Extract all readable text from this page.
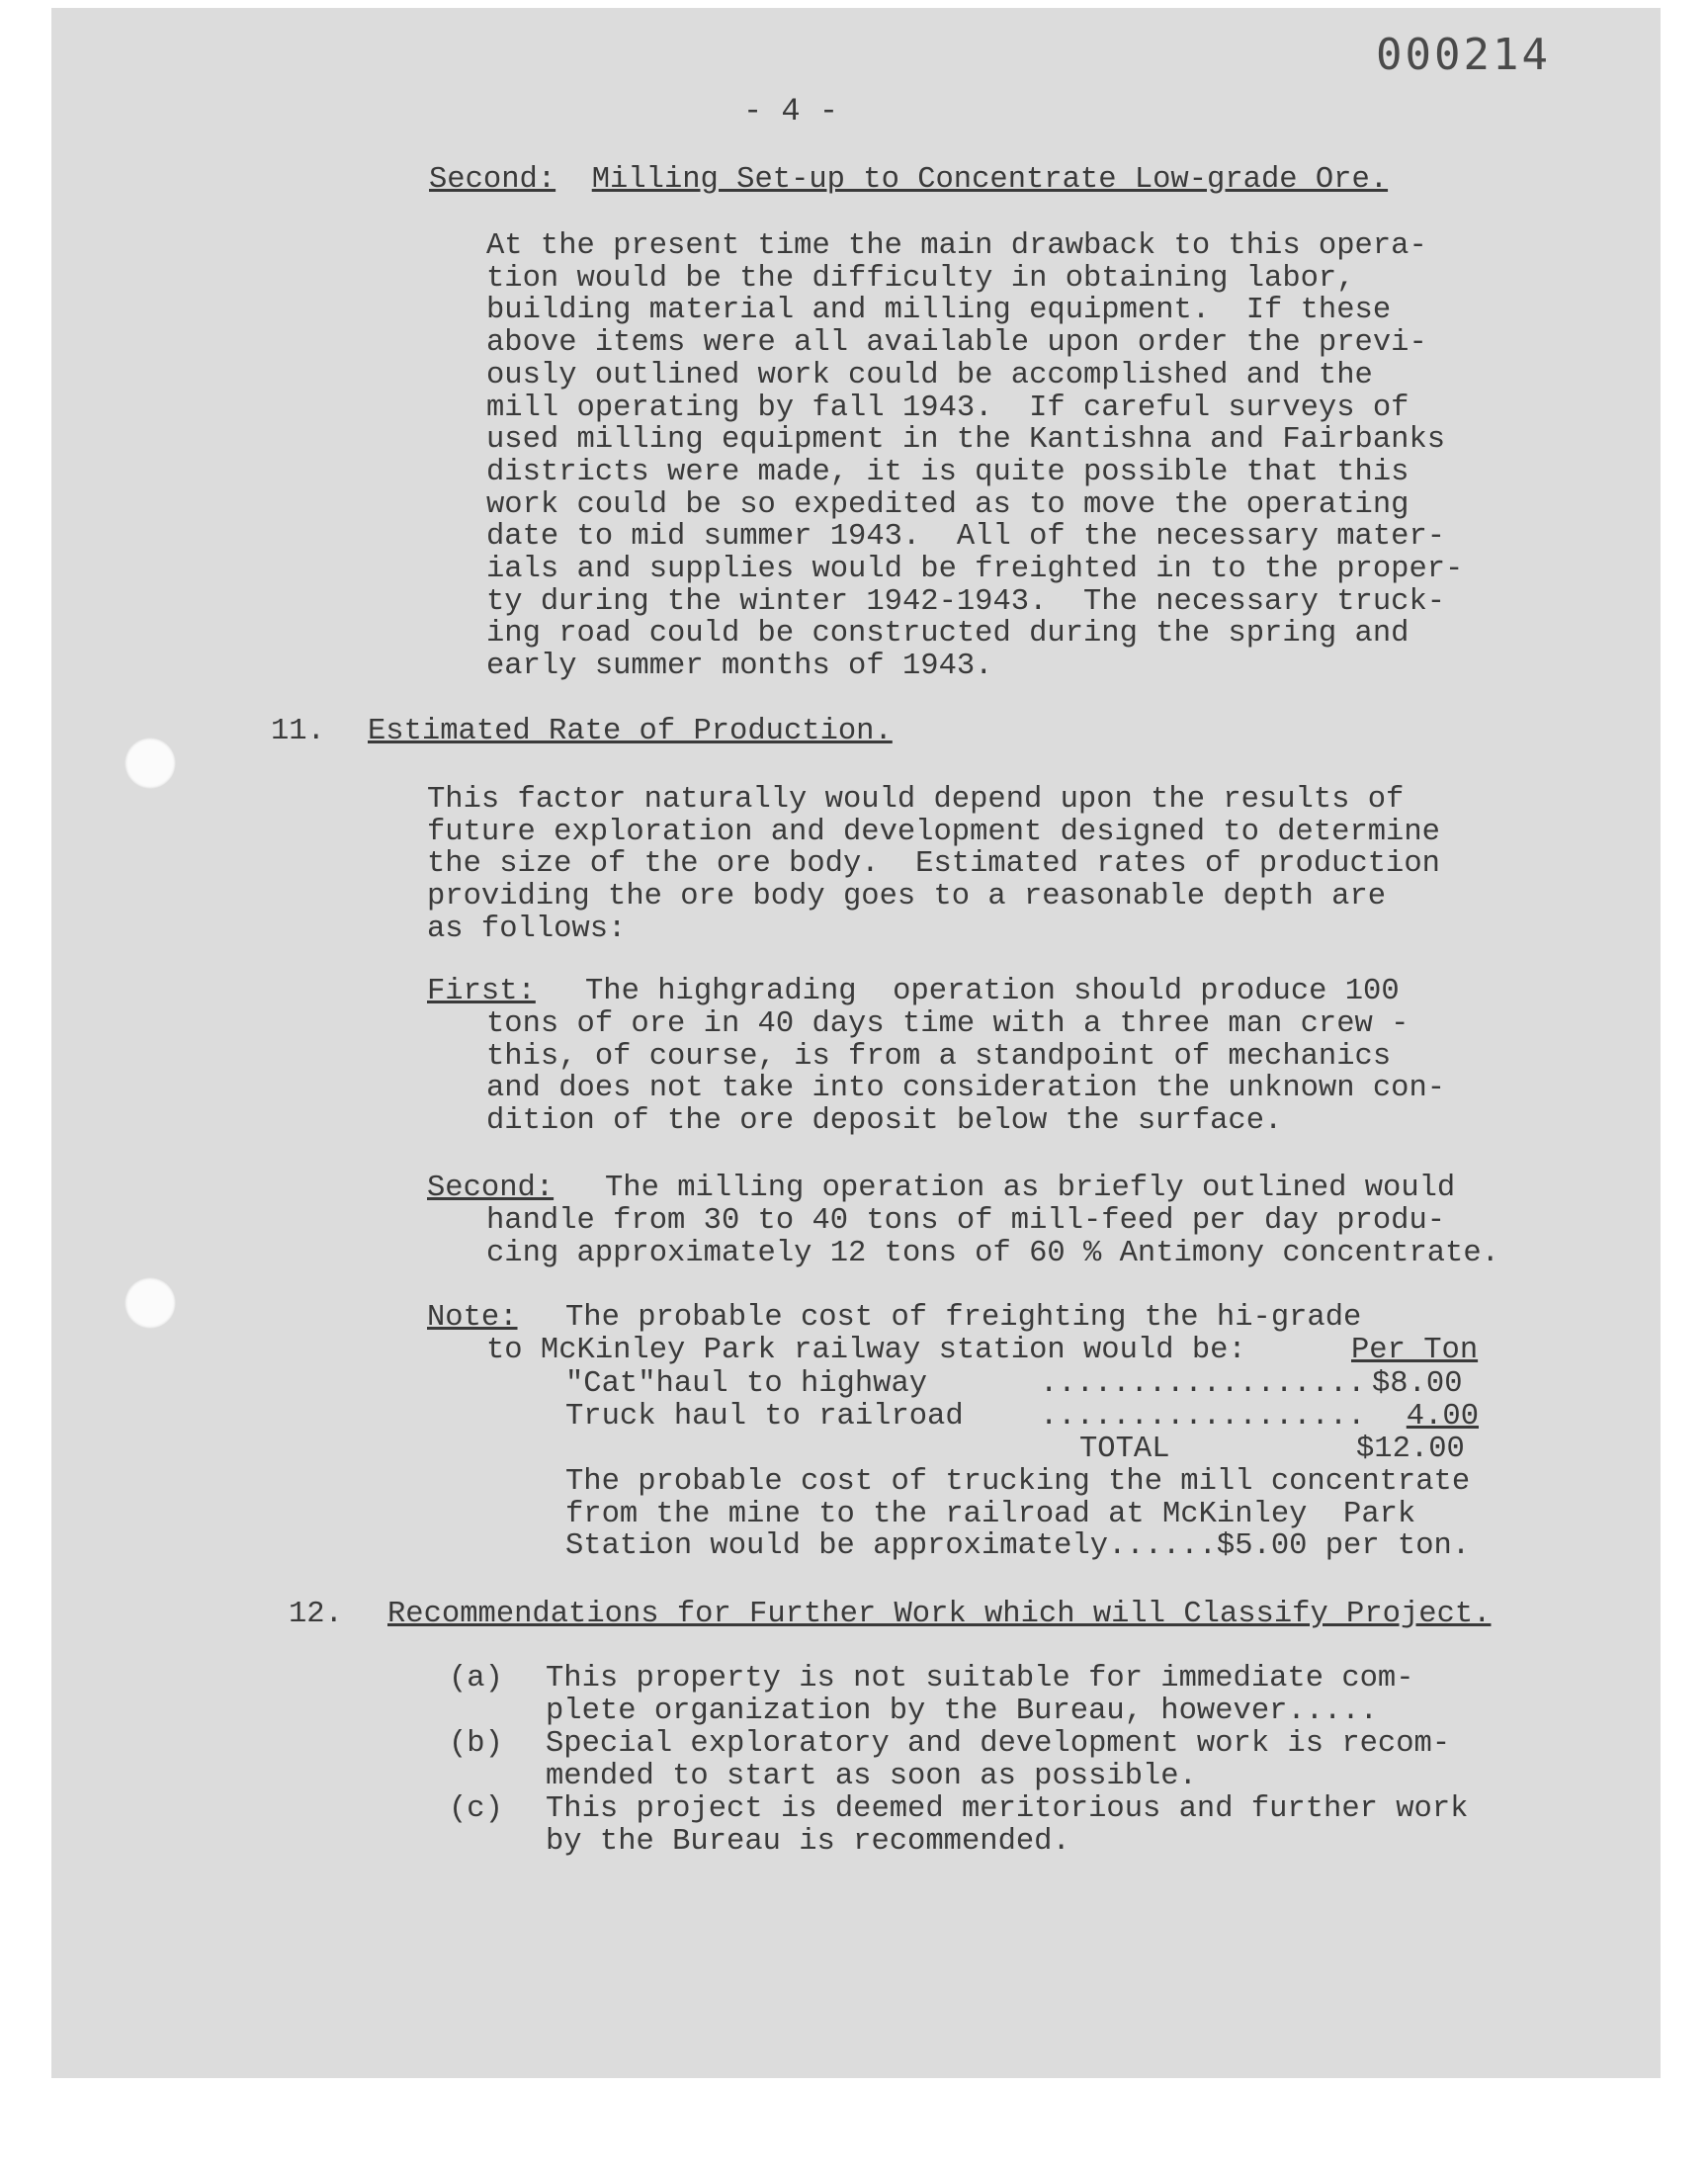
000214
- 4 -
Second: Milling Set-up to Concentrate Low-grade Ore.
At the present time the main drawback to this opera-
tion would be the difficulty in obtaining labor,
building material and milling equipment.  If these
above items were all available upon order the previ-
ously outlined work could be accomplished and the
mill operating by fall 1943.  If careful surveys of
used milling equipment in the Kantishna and Fairbanks
districts were made, it is quite possible that this
work could be so expedited as to move the operating
date to mid summer 1943.  All of the necessary mater-
ials and supplies would be freighted in to the proper-
ty during the winter 1942-1943.  The necessary truck-
ing road could be constructed during the spring and
early summer months of 1943.
11. Estimated Rate of Production.
This factor naturally would depend upon the results of
future exploration and development designed to determine
the size of the ore body.  Estimated rates of production
providing the ore body goes to a reasonable depth are
as follows:
First: The highgrading  operation should produce 100
tons of ore in 40 days time with a three man crew -
this, of course, is from a standpoint of mechanics
and does not take into consideration the unknown con-
dition of the ore deposit below the surface.
Second: The milling operation as briefly outlined would
handle from 30 to 40 tons of mill-feed per day produ-
cing approximately 12 tons of 60 % Antimony concentrate.
Note: The probable cost of freighting the hi-grade
to McKinley Park railway station would be:	Per Ton
"Cat"haul to highway	.................. $8.00
Truck haul to railroad	..................	4.00
TOTAL	$12.00
The probable cost of trucking the mill concentrate
from the mine to the railroad at McKinley  Park
Station would be approximately......$5.00 per ton.
12. Recommendations for Further Work which will Classify Project.
(a) This property is not suitable for immediate com-
plete organization by the Bureau, however.....
(b) Special exploratory and development work is recom-
mended to start as soon as possible.
(c) This project is deemed meritorious and further work
by the Bureau is recommended.
